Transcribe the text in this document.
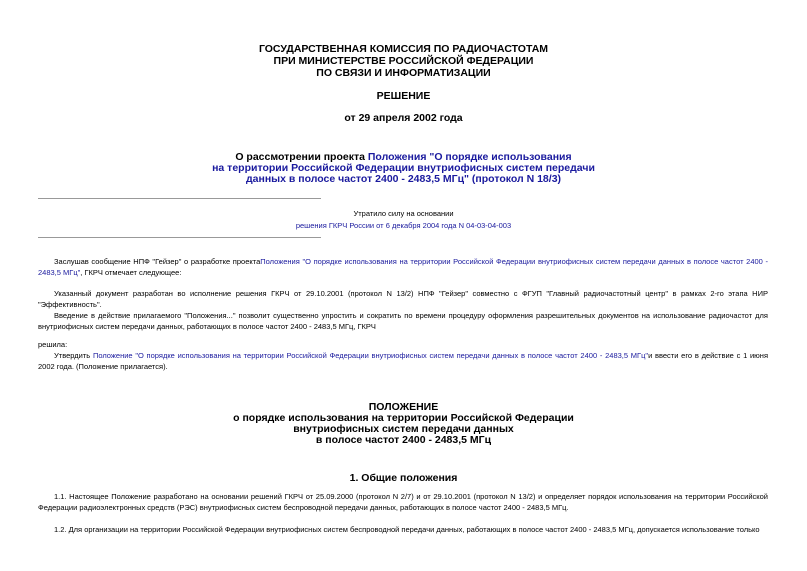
ГОСУДАРСТВЕННАЯ КОМИССИЯ ПО РАДИОЧАСТОТАМ
ПРИ МИНИСТЕРСТВЕ РОССИЙСКОЙ ФЕДЕРАЦИИ
ПО СВЯЗИ И ИНФОРМАТИЗАЦИИ
РЕШЕНИЕ
от 29 апреля 2002 года
О рассмотрении проекта Положения "О порядке использования
на территории Российской Федерации внутриофисных систем передачи
данных в полосе частот 2400 - 2483,5 МГц" (протокол N 18/3)
Утратило силу на основании
решения ГКРЧ России от 6 декабря 2004 года N 04-03-04-003
Заслушав сообщение НПФ "Гейзер" о разработке проектаПоложения "О порядке использования на территории Российской Федерации внутриофисных систем передачи данных в полосе частот 2400 - 2483,5 МГц", ГКРЧ отмечает следующее:
Указанный документ разработан во исполнение решения ГКРЧ от 29.10.2001 (протокол N 13/2) НПФ "Гейзер" совместно с ФГУП "Главный радиочастотный центр" в рамках 2-го этапа НИР "Эффективность".
Введение в действие прилагаемого "Положения..." позволит существенно упростить и сократить по времени процедуру оформления разрешительных документов на использование радиочастот для внутриофисных систем передачи данных, работающих в полосе частот 2400 - 2483,5 МГц, ГКРЧ
решила:
Утвердить Положение "О порядке использования на территории Российской Федерации внутриофисных систем передачи данных в полосе частот 2400 - 2483,5 МГц"и ввести его в действие с 1 июня 2002 года. (Положение прилагается).
ПОЛОЖЕНИЕ
о порядке использования на территории Российской Федерации
внутриофисных систем передачи данных
в полосе частот 2400 - 2483,5 МГц
1. Общие положения
1.1. Настоящее Положение разработано на основании решений ГКРЧ от 25.09.2000 (протокол N 2/7) и от 29.10.2001 (протокол N 13/2) и определяет порядок использования на территории Российской Федерации радиоэлектронных средств (РЭС) внутриофисных систем беспроводной передачи данных, работающих в полосе частот 2400 - 2483,5 МГц.
1.2. Для организации на территории Российской Федерации внутриофисных систем беспроводной передачи данных, работающих в полосе частот 2400 - 2483,5 МГц, допускается использование только
